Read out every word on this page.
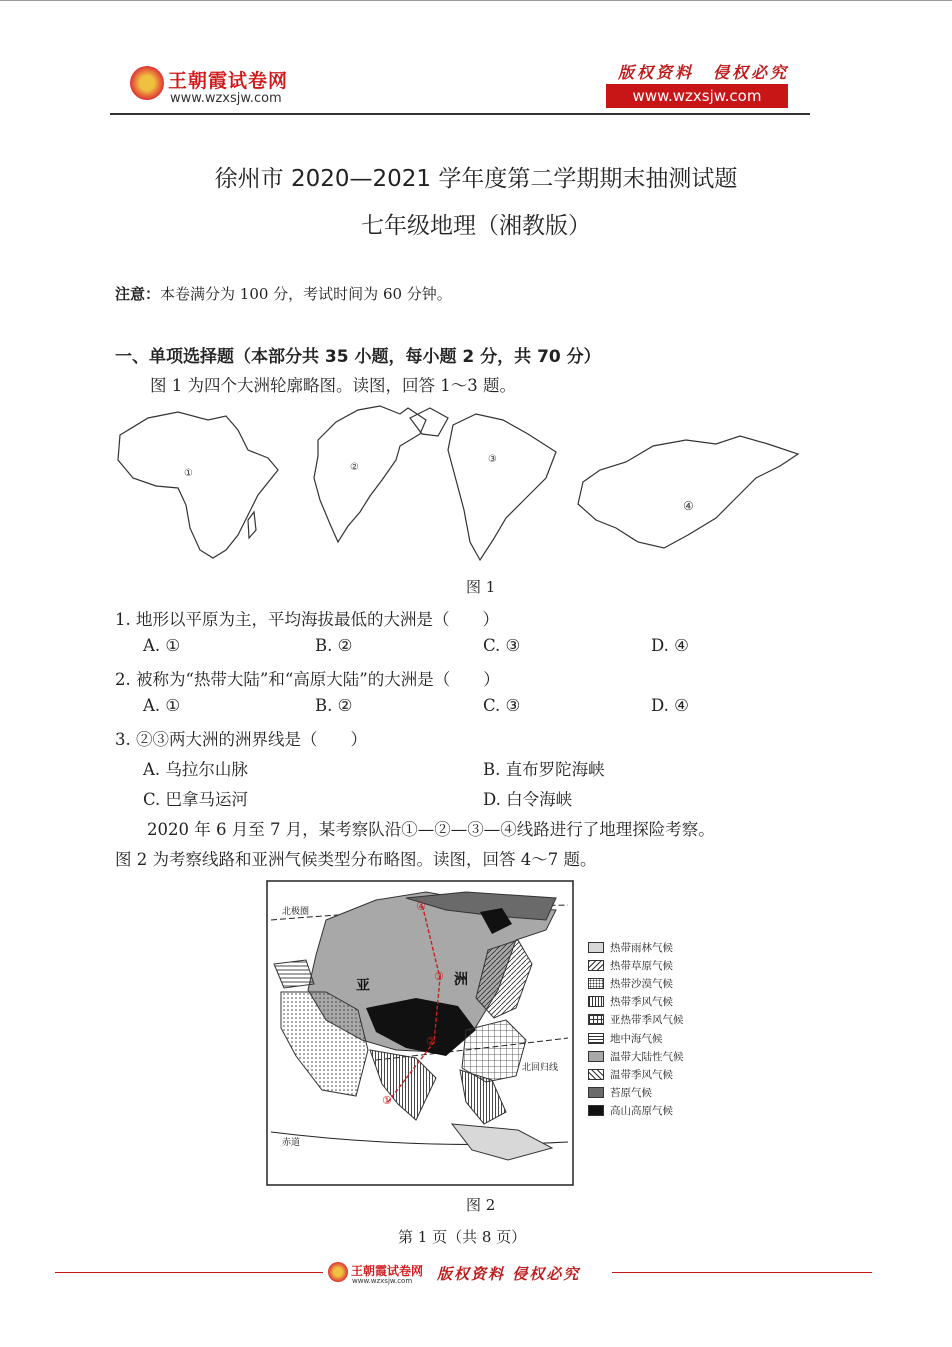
王朝霞试卷网
www.wzxsjw.com
版权资料　侵权必究
www.wzxsjw.com
徐州市 2020—2021 学年度第二学期期末抽测试题
七年级地理（湘教版）
注意：本卷满分为 100 分，考试时间为 60 分钟。
一、单项选择题（本部分共 35 小题，每小题 2 分，共 70 分）
图 1 为四个大洲轮廓略图。读图，回答 1～3 题。
①
②
③
④
图 1
1. 地形以平原为主，平均海拔最低的大洲是（　　）
A. ①	B. ②	C. ③	D. ④
2. 被称为“热带大陆”和“高原大陆”的大洲是（　　）
A. ①	B. ②	C. ③	D. ④
3. ②③两大洲的洲界线是（　　）
A. 乌拉尔山脉	B. 直布罗陀海峡
C. 巴拿马运河	D. 白令海峡
2020 年 6 月至 7 月，某考察队沿①—②—③—④线路进行了地理探险考察。
图 2 为考察线路和亚洲气候类型分布略图。读图，回答 4～7 题。
①
②
③
④
北极圈
北回归线
赤道
亚	洲
热带雨林气候
热带草原气候
热带沙漠气候
热带季风气候
亚热带季风气候
地中海气候
温带大陆性气候
温带季风气候
苔原气候
高山高原气候
图 2
第 1 页（共 8 页）
王朝霞试卷网
www.wzxsjw.com 版权资料 侵权必究
